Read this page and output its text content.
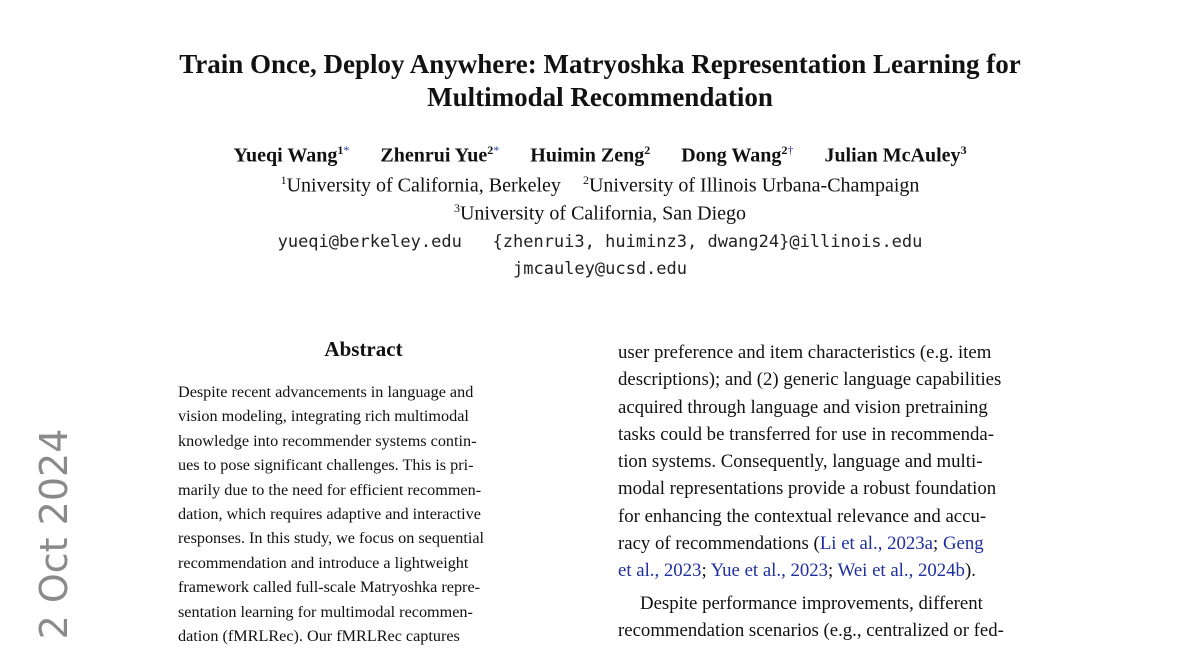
Train Once, Deploy Anywhere: Matryoshka Representation Learning for
Multimodal Recommendation
Yueqi Wang$^{1*}$ Zhenrui Yue$^{2*}$ Huimin Zeng$^2$ Dong Wang$^{2\dagger}$ Julian McAuley$^3$
$^1$University of California, Berkeley $^2$University of Illinois Urbana-Champaign
$^3$University of California, San Diego
yueqi@berkeley.edu   {zhenrui3, huiminz3, dwang24}@illinois.edu
jmcauley@ucsd.edu
2 Oct 2024
Abstract
Despite recent advancements in language and
vision modeling, integrating rich multimodal
knowledge into recommender systems contin-
ues to pose significant challenges. This is pri-
marily due to the need for efficient recommen-
dation, which requires adaptive and interactive
responses. In this study, we focus on sequential
recommendation and introduce a lightweight
framework called full-scale Matryoshka repre-
sentation learning for multimodal recommen-
dation (fMRLRec). Our fMRLRec captures
user preference and item characteristics (e.g. item
descriptions); and (2) generic language capabilities
acquired through language and vision pretraining
tasks could be transferred for use in recommenda-
tion systems. Consequently, language and multi-
modal representations provide a robust foundation
for enhancing the contextual relevance and accu-
racy of recommendations (Li et al., 2023a; Geng
et al., 2023; Yue et al., 2023; Wei et al., 2024b).
Despite performance improvements, different
recommendation scenarios (e.g., centralized or fed-
